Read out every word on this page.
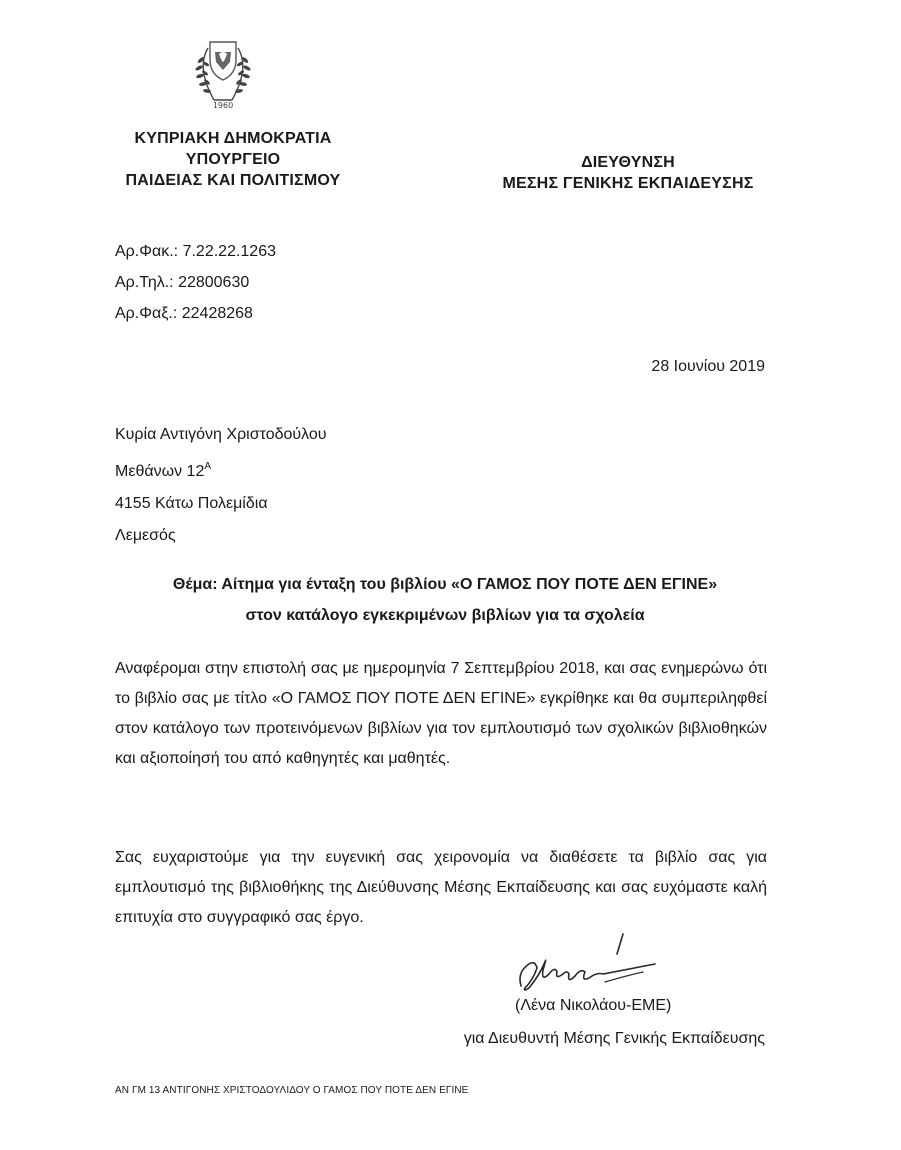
1960
ΚΥΠΡΙΑΚΗ ΔΗΜΟΚΡΑΤΙΑ
ΥΠΟΥΡΓΕΙΟ
ΠΑΙΔΕΙΑΣ ΚΑΙ ΠΟΛΙΤΙΣΜΟΥ
ΔΙΕΥΘΥΝΣΗ
ΜΕΣΗΣ ΓΕΝΙΚΗΣ ΕΚΠΑΙΔΕΥΣΗΣ
Αρ.Φακ.: 7.22.22.1263
Αρ.Τηλ.: 22800630
Αρ.Φαξ.: 22428268
28 Ιουνίου 2019
Κυρία Αντιγόνη Χριστοδούλου
Μεθάνων $12^A$
4155 Κάτω Πολεμίδια
Λεμεσός
Θέμα: Αίτημα για ένταξη του βιβλίου «Ο ΓΑΜΟΣ ΠΟΥ ΠΟΤΕ ΔΕΝ ΕΓΙΝΕ»
στον κατάλογο εγκεκριμένων βιβλίων για τα σχολεία
Αναφέρομαι στην επιστολή σας με ημερομηνία 7 Σεπτεμβρίου 2018, και σας ενημερώνω ότι το βιβλίο σας με τίτλο «Ο ΓΑΜΟΣ ΠΟΥ ΠΟΤΕ ΔΕΝ ΕΓΙΝΕ» εγκρίθηκε και θα συμπεριληφθεί στον κατάλογο των προτεινόμενων βιβλίων για τον εμπλουτισμό των σχολικών βιβλιοθηκών και αξιοποίησή του από καθηγητές και μαθητές.
Σας ευχαριστούμε για την ευγενική σας χειρονομία να διαθέσετε τα βιβλίο σας για εμπλουτισμό της βιβλιοθήκης της Διεύθυνσης Μέσης Εκπαίδευσης και σας ευχόμαστε καλή επιτυχία στο συγγραφικό σας έργο.
(Λένα Νικολάου-ΕΜΕ)
για Διευθυντή Μέσης Γενικής Εκπαίδευσης
ΑΝ ΓΜ 13 ΑΝΤΙΓΟΝΗΣ ΧΡΙΣΤΟΔΟΥΛΙΔΟΥ Ο ΓΑΜΟΣ ΠΟΥ ΠΟΤΕ ΔΕΝ ΕΓΙΝΕ
